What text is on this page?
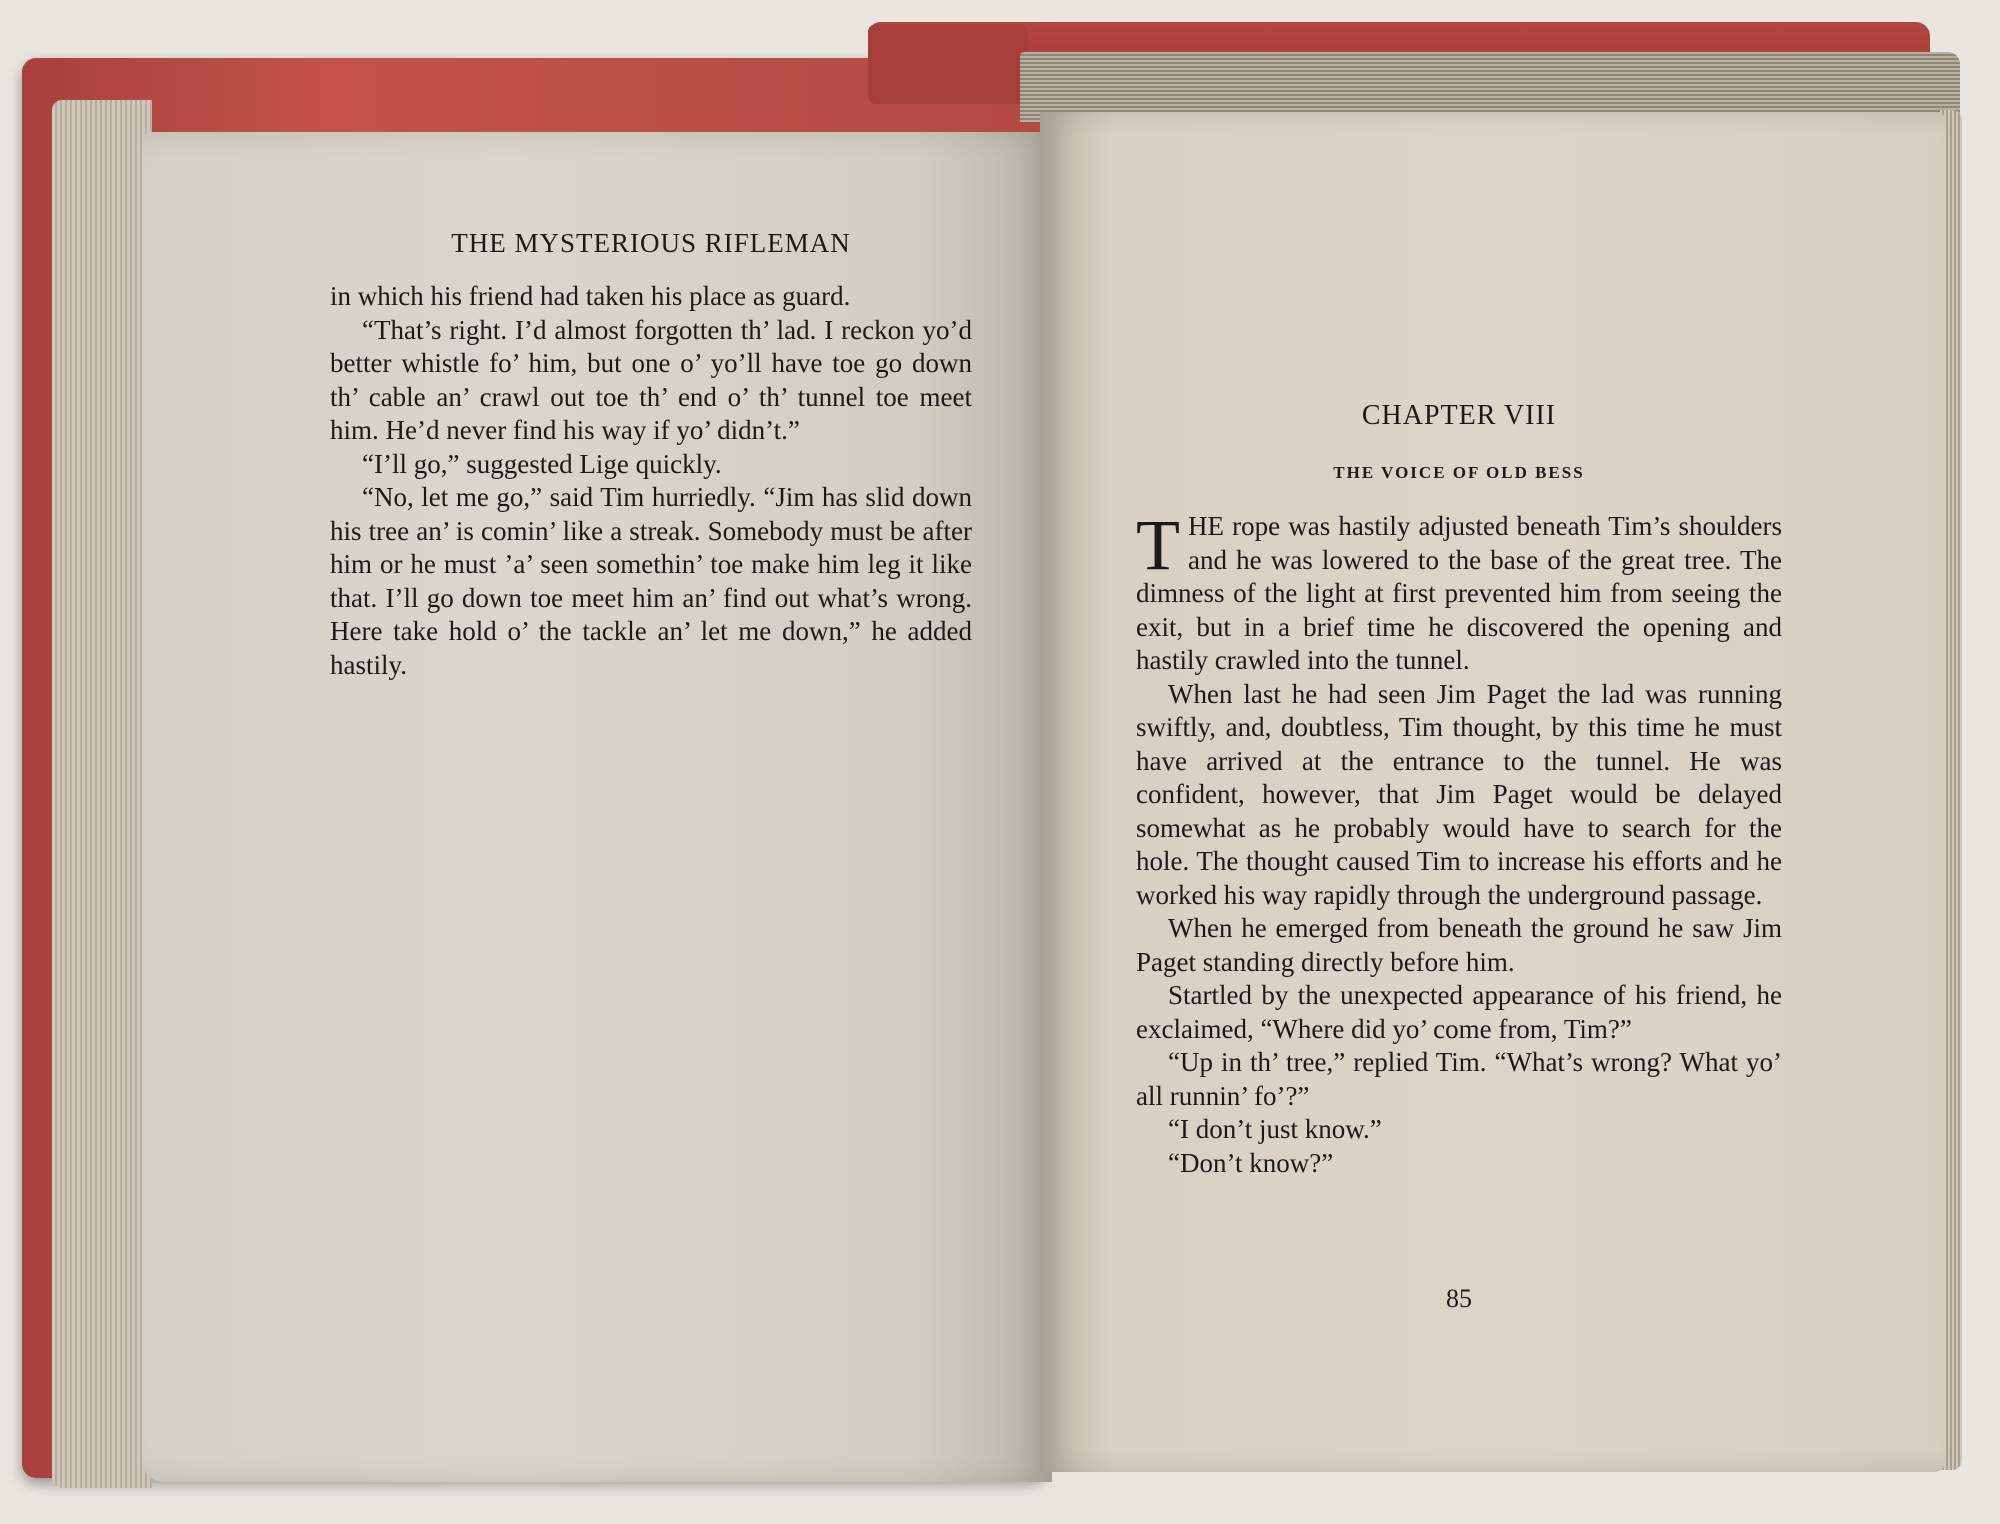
THE MYSTERIOUS RIFLEMAN

in which his friend had taken his place as guard.

“That’s right. I’d almost forgotten th’ lad. I reckon yo’d better whistle fo’ him, but one o’ yo’ll have toe go down th’ cable an’ crawl out toe th’ end o’ th’ tunnel toe meet him. He’d never find his way if yo’ didn’t.”

“I’ll go,” suggested Lige quickly.

“No, let me go,” said Tim hurriedly. “Jim has slid down his tree an’ is comin’ like a streak. Somebody must be after him or he must ’a’ seen somethin’ toe make him leg it like that. I’ll go down toe meet him an’ find out what’s wrong. Here take hold o’ the tackle an’ let me down,” he added hastily.

CHAPTER VIII
THE VOICE OF OLD BESS

THE rope was hastily adjusted beneath Tim’s shoulders and he was lowered to the base of the great tree. The dimness of the light at first prevented him from seeing the exit, but in a brief time he discovered the opening and hastily crawled into the tunnel.

When last he had seen Jim Paget the lad was running swiftly, and, doubtless, Tim thought, by this time he must have arrived at the entrance to the tunnel. He was confident, however, that Jim Paget would be delayed somewhat as he probably would have to search for the hole. The thought caused Tim to increase his efforts and he worked his way rapidly through the underground passage.

When he emerged from beneath the ground he saw Jim Paget standing directly before him.

Startled by the unexpected appearance of his friend, he exclaimed, “Where did yo’ come from, Tim?”

“Up in th’ tree,” replied Tim. “What’s wrong? What yo’ all runnin’ fo’?”

“I don’t just know.”

“Don’t know?”

85
